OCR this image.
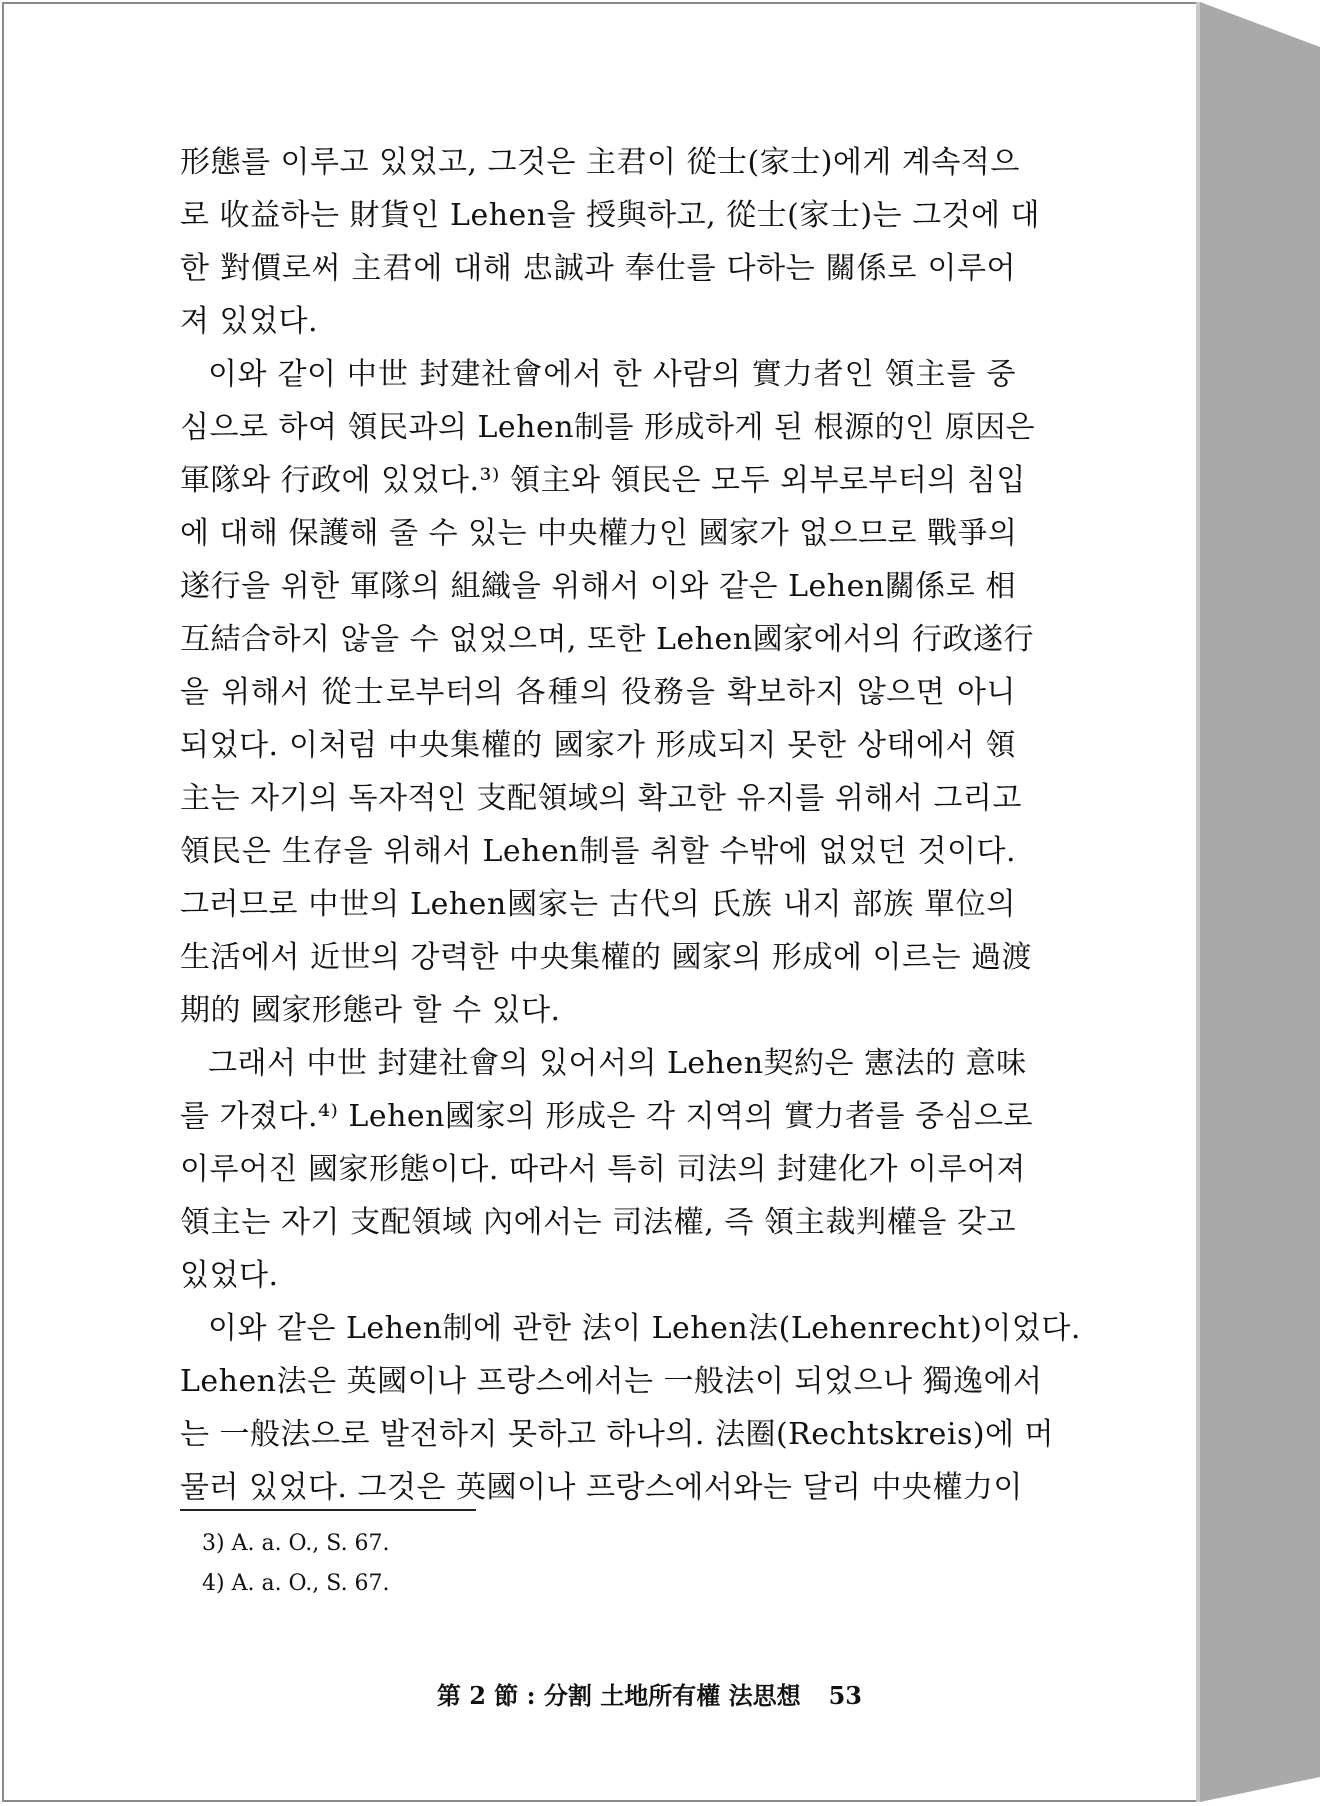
形態를 이루고 있었고, 그것은 主君이 從士(家士)에게 계속적으
로 收益하는 財貨인 Lehen을 授與하고, 從士(家士)는 그것에 대
한 對價로써 主君에 대해 忠誠과 奉仕를 다하는 關係로 이루어
져 있었다.
이와 같이 中世 封建社會에서 한 사람의 實力者인 領主를 중
심으로 하여 領民과의 Lehen制를 形成하게 된 根源的인 原因은
軍隊와 行政에 있었다.³⁾ 領主와 領民은 모두 외부로부터의 침입
에 대해 保護해 줄 수 있는 中央權力인 國家가 없으므로 戰爭의
遂行을 위한 軍隊의 組織을 위해서 이와 같은 Lehen關係로 相
互結合하지 않을 수 없었으며, 또한 Lehen國家에서의 行政遂行
을 위해서 從士로부터의 各種의 役務을 확보하지 않으면 아니
되었다. 이처럼 中央集權的 國家가 形成되지 못한 상태에서 領
主는 자기의 독자적인 支配領域의 확고한 유지를 위해서 그리고
領民은 生存을 위해서 Lehen制를 취할 수밖에 없었던 것이다.
그러므로 中世의 Lehen國家는 古代의 氏族 내지 部族 單位의
生活에서 近世의 강력한 中央集權的 國家의 形成에 이르는 過渡
期的 國家形態라 할 수 있다.
그래서 中世 封建社會의 있어서의 Lehen契約은 憲法的 意味
를 가졌다.⁴⁾ Lehen國家의 形成은 각 지역의 實力者를 중심으로
이루어진 國家形態이다. 따라서 특히 司法의 封建化가 이루어져
領主는 자기 支配領域 內에서는 司法權, 즉 領主裁判權을 갖고
있었다.
이와 같은 Lehen制에 관한 法이 Lehen法(Lehenrecht)이었다.
Lehen法은 英國이나 프랑스에서는 一般法이 되었으나 獨逸에서
는 一般法으로 발전하지 못하고 하나의. 法圈(Rechtskreis)에 머
물러 있었다. 그것은 英國이나 프랑스에서와는 달리 中央權力이
3) A. a. O., S. 67.
4) A. a. O., S. 67.
第 2 節 : 分割 土地所有權 法思想 53
